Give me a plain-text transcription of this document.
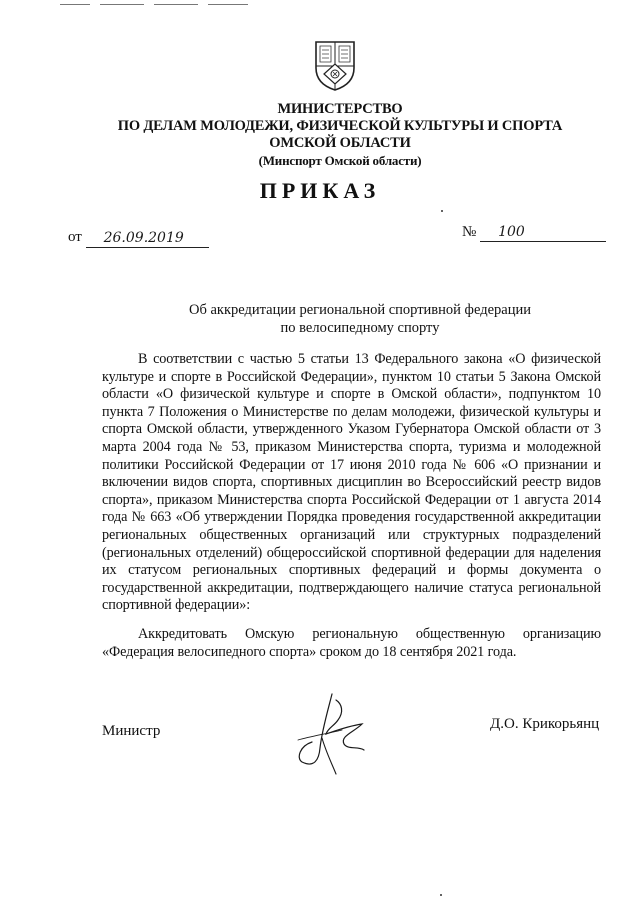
МИНИСТЕРСТВО
ПО ДЕЛАМ МОЛОДЕЖИ, ФИЗИЧЕСКОЙ КУЛЬТУРЫ И СПОРТА
ОМСКОЙ ОБЛАСТИ
(Минспорт Омской области)
ПРИКАЗ
от 26.09.2019	№ 100
Об аккредитации региональной спортивной федерации
по велосипедному спорту

В соответствии с частью 5 статьи 13 Федерального закона «О физической культуре и спорте в Российской Федерации», пунктом 10 статьи 5 Закона Омской области «О физической культуре и спорте в Омской области», подпунктом 10 пункта 7 Положения о Министерстве по делам молодежи, физической культуры и спорта Омской области, утвержденного Указом Губернатора Омской области от 3 марта 2004 года № 53, приказом Министерства спорта, туризма и молодежной политики Российской Федерации от 17 июня 2010 года № 606 «О признании и включении видов спорта, спортивных дисциплин во Всероссийский реестр видов спорта», приказом Министерства спорта Российской Федерации от 1 августа 2014 года № 663 «Об утверждении Порядка проведения государственной аккредитации региональных общественных организаций или структурных подразделений (региональных отделений) общероссийской спортивной федерации для наделения их статусом региональных спортивных федераций и формы документа о государственной аккредитации, подтверждающего наличие статуса региональной спортивной федерации»:

Аккредитовать Омскую региональную общественную организацию «Федерация велосипедного спорта» сроком до 18 сентября 2021 года.

Министр	Д.О. Крикорьянц
